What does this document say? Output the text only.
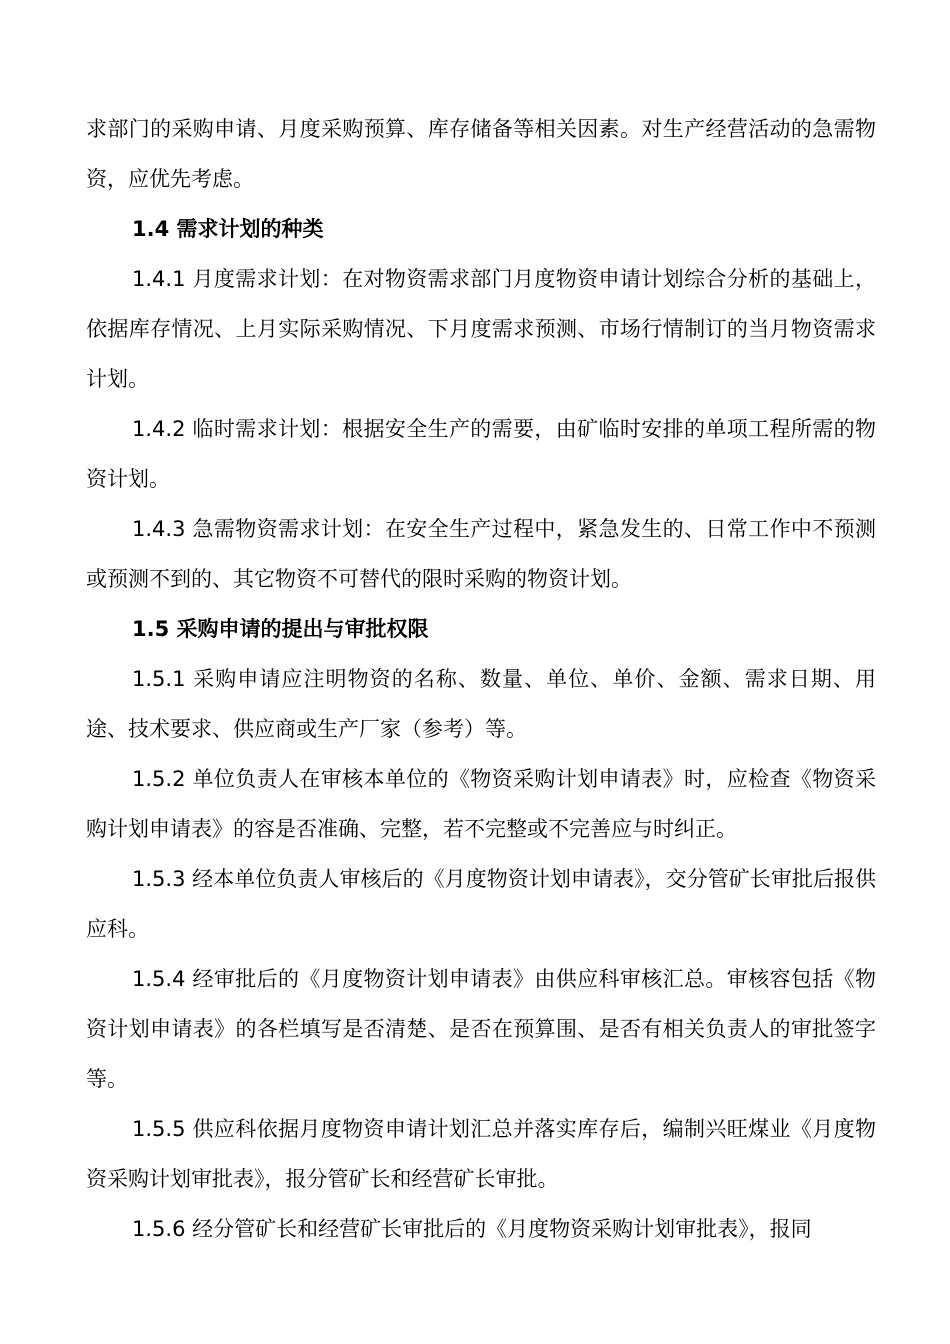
求部门的采购申请、月度采购预算、库存储备等相关因素。对生产经营活动的急需物资，应优先考虑。

1.4 需求计划的种类

1.4.1 月度需求计划：在对物资需求部门月度物资申请计划综合分析的基础上，依据库存情况、上月实际采购情况、下月度需求预测、市场行情制订的当月物资需求计划。

1.4.2 临时需求计划：根据安全生产的需要，由矿临时安排的单项工程所需的物资计划。

1.4.3 急需物资需求计划：在安全生产过程中，紧急发生的、日常工作中不预测或预测不到的、其它物资不可替代的限时采购的物资计划。

1.5 采购申请的提出与审批权限

1.5.1 采购申请应注明物资的名称、数量、单位、单价、金额、需求日期、用途、技术要求、供应商或生产厂家（参考）等。

1.5.2 单位负责人在审核本单位的《物资采购计划申请表》时，应检查《物资采购计划申请表》的容是否准确、完整，若不完整或不完善应与时纠正。

1.5.3 经本单位负责人审核后的《月度物资计划申请表》，交分管矿长审批后报供应科。

1.5.4 经审批后的《月度物资计划申请表》由供应科审核汇总。审核容包括《物资计划申请表》的各栏填写是否清楚、是否在预算围、是否有相关负责人的审批签字等。

1.5.5 供应科依据月度物资申请计划汇总并落实库存后，编制兴旺煤业《月度物资采购计划审批表》，报分管矿长和经营矿长审批。

1.5.6 经分管矿长和经营矿长审批后的《月度物资采购计划审批表》，报同
